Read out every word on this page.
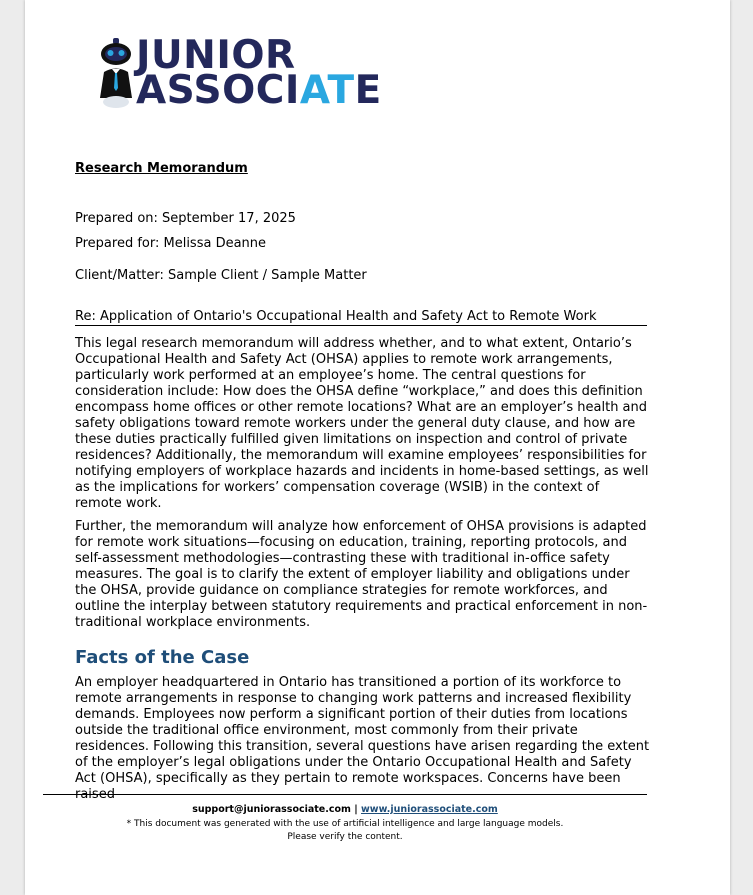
JUNIOR
ASSOCIATE
Research Memorandum
Prepared on: September 17, 2025
Prepared for: Melissa Deanne
Client/Matter: Sample Client / Sample Matter
Re: Application of Ontario's Occupational Health and Safety Act to Remote Work

This legal research memorandum will address whether, and to what extent, Ontario’s Occupational Health and Safety Act (OHSA) applies to remote work arrangements, particularly work performed at an employee’s home. The central questions for consideration include: How does the OHSA define “workplace,” and does this definition encompass home offices or other remote locations? What are an employer’s health and safety obligations toward remote workers under the general duty clause, and how are these duties practically fulfilled given limitations on inspection and control of private residences? Additionally, the memorandum will examine employees’ responsibilities for notifying employers of workplace hazards and incidents in home-based settings, as well as the implications for workers’ compensation coverage (WSIB) in the context of remote work.

Further, the memorandum will analyze how enforcement of OHSA provisions is adapted for remote work situations—focusing on education, training, reporting protocols, and self-assessment methodologies—contrasting these with traditional in-office safety measures. The goal is to clarify the extent of employer liability and obligations under the OHSA, provide guidance on compliance strategies for remote workforces, and outline the interplay between statutory requirements and practical enforcement in non-traditional workplace environments.

Facts of the Case

An employer headquartered in Ontario has transitioned a portion of its workforce to remote arrangements in response to changing work patterns and increased flexibility demands. Employees now perform a significant portion of their duties from locations outside the traditional office environment, most commonly from their private residences. Following this transition, several questions have arisen regarding the extent of the employer’s legal obligations under the Ontario Occupational Health and Safety Act (OHSA), specifically as they pertain to remote workspaces. Concerns have been raised

support@juniorassociate.com | www.juniorassociate.com
* This document was generated with the use of artificial intelligence and large language models.
Please verify the content.
